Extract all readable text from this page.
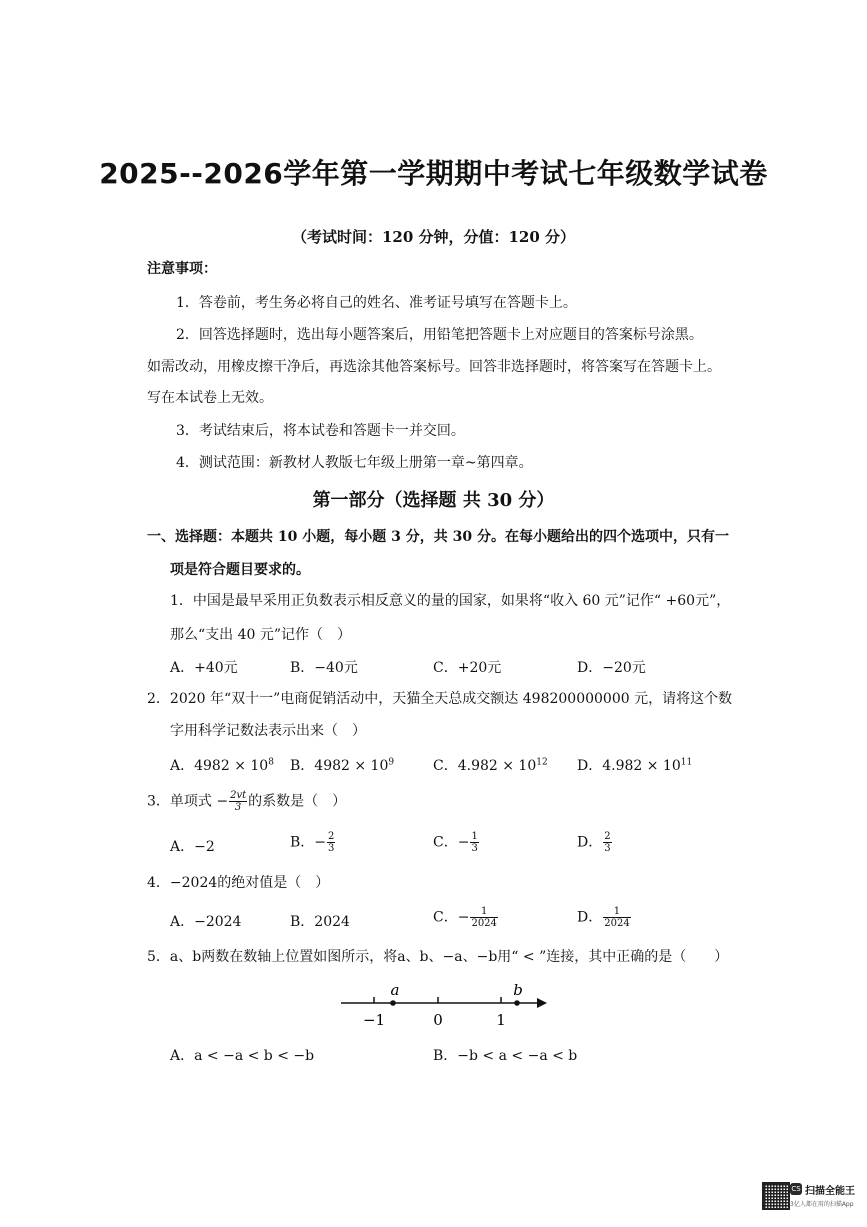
2025--2026学年第一学期期中考试七年级数学试卷
（考试时间：120 分钟，分值：120 分）
注意事项：
1．答卷前，考生务必将自己的姓名、准考证号填写在答题卡上。
2．回答选择题时，选出每小题答案后，用铅笔把答题卡上对应题目的答案标号涂黑。
如需改动，用橡皮擦干净后，再选涂其他答案标号。回答非选择题时，将答案写在答题卡上。
写在本试卷上无效。
3．考试结束后，将本试卷和答题卡一并交回。
4．测试范围：新教材人教版七年级上册第一章~第四章。
第一部分（选择题 共 30 分）
一、选择题：本题共 10 小题，每小题 3 分，共 30 分。在每小题给出的四个选项中，只有一
项是符合题目要求的。
1．中国是最早采用正负数表示相反意义的量的国家，如果将“收入 60 元”记作“ +60元”，
那么“支出 40 元”记作（　）
A．+40元	B．−40元	C．+20元	D．−20元
2．2020 年“双十一”电商促销活动中，天猫全天总成交额达 498200000000 元，请将这个数
字用科学记数法表示出来（　）
A．$4982 \times 10^8$ B．$4982 \times 10^9$	C．$4.982 \times 10^{12}$ D．$4.982 \times 10^{11}$
3．单项式 − $\frac{2vt}{3}$ 的系数是（　）
A．−2	B．− $\frac{2}{3}$	C．− $\frac{1}{3}$	D． $\frac{2}{3}$
4．−2024的绝对值是（　）
A．−2024	B．2024	C．− $\frac{1}{2024}$	D． $\frac{1}{2024}$
5．a、b两数在数轴上位置如图所示，将a、b、−a、−b用“ < ”连接，其中正确的是（　　）
a	b
−1	0	1
A．a < −a < b < −b	B．−b < a < −a < b
CS 扫描全能王
3亿人都在用的扫描App
